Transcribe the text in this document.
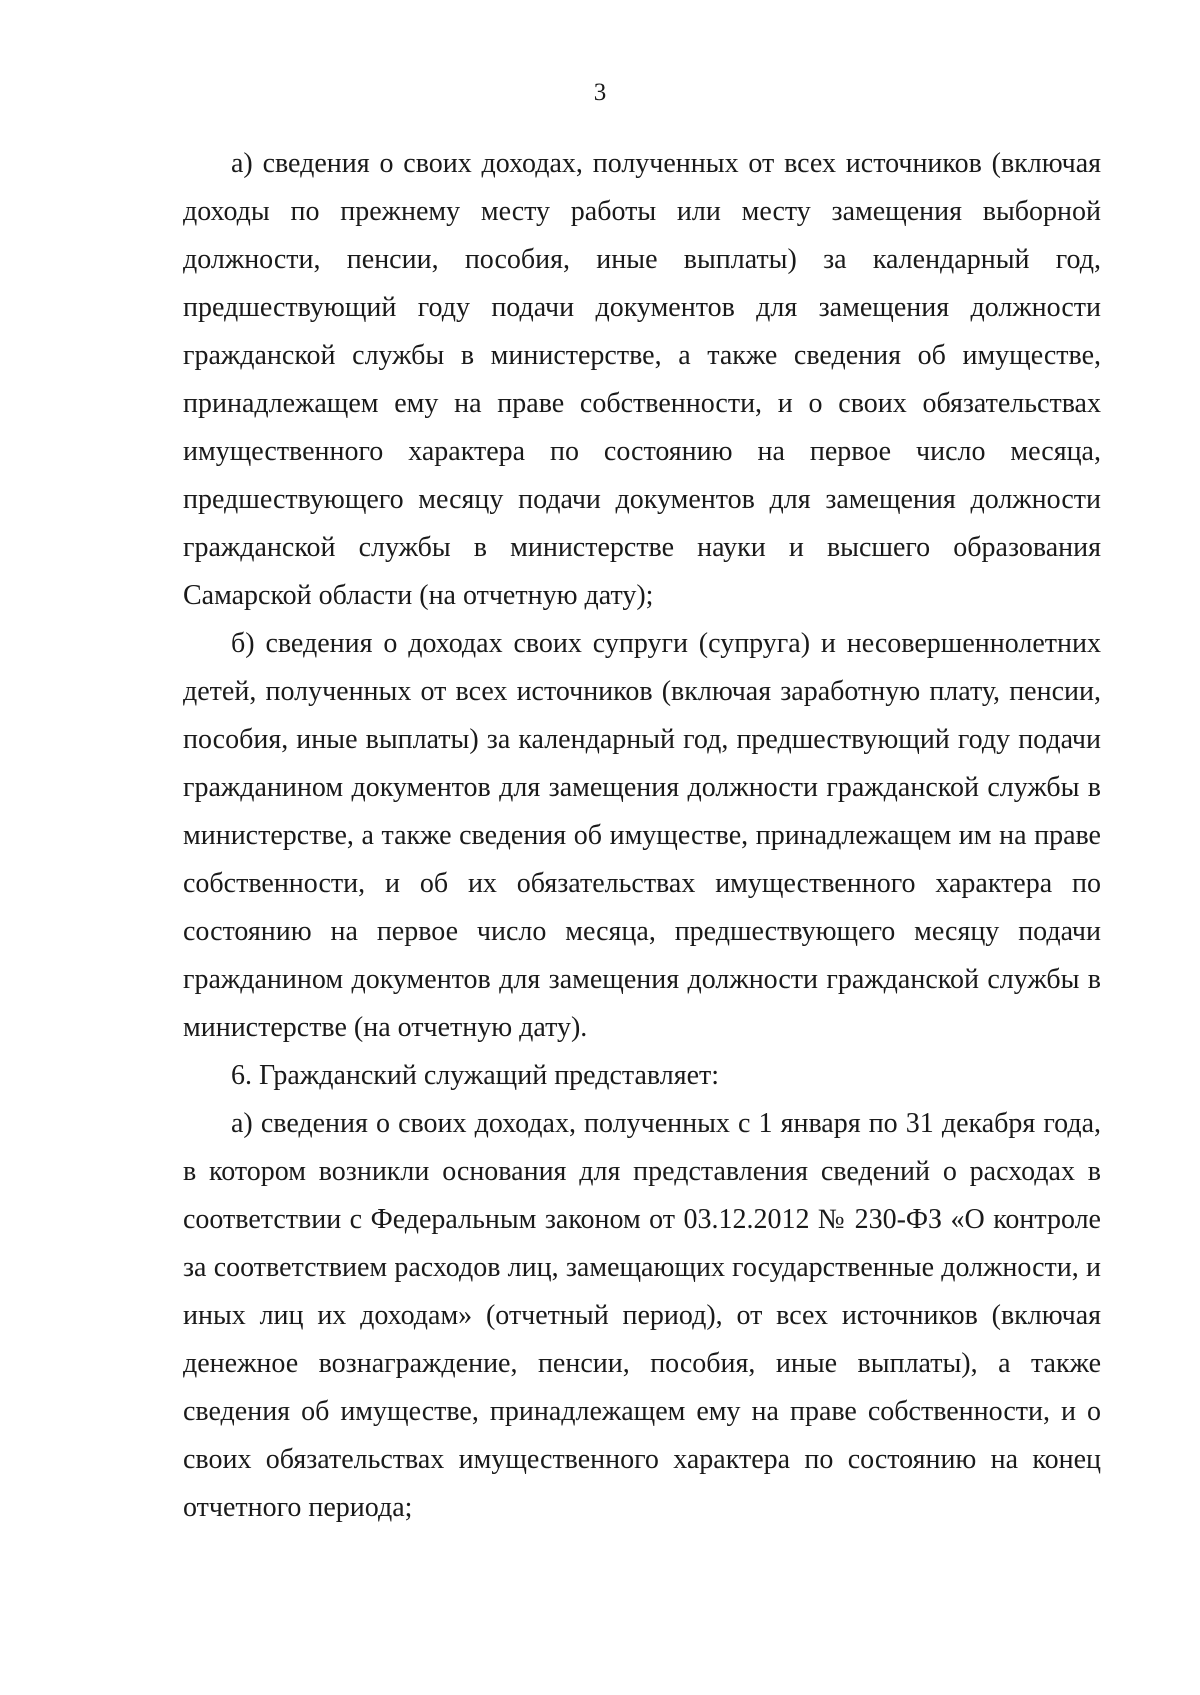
3

а) сведения о своих доходах, полученных от всех источников (включая доходы по прежнему месту работы или месту замещения выборной должности, пенсии, пособия, иные выплаты) за календарный год, предшествующий году подачи документов для замещения должности гражданской службы в министерстве, а также сведения об имуществе, принадлежащем ему на праве собственности, и о своих обязательствах имущественного характера по состоянию на первое число месяца, предшествующего месяцу подачи документов для замещения должности гражданской службы в министерстве науки и высшего образования Самарской области (на отчетную дату);

б) сведения о доходах своих супруги (супруга) и несовершеннолетних детей, полученных от всех источников (включая заработную плату, пенсии, пособия, иные выплаты) за календарный год, предшествующий году подачи гражданином документов для замещения должности гражданской службы в министерстве, а также сведения об имуществе, принадлежащем им на праве собственности, и об их обязательствах имущественного характера по состоянию на первое число месяца, предшествующего месяцу подачи гражданином документов для замещения должности гражданской службы в министерстве (на отчетную дату).

6. Гражданский служащий представляет:

а) сведения о своих доходах, полученных с 1 января по 31 декабря года, в котором возникли основания для представления сведений о расходах в соответствии с Федеральным законом от 03.12.2012 № 230-ФЗ «О контроле за соответствием расходов лиц, замещающих государственные должности, и иных лиц их доходам» (отчетный период), от всех источников (включая денежное вознаграждение, пенсии, пособия, иные выплаты), а также сведения об имуществе, принадлежащем ему на праве собственности, и о своих обязательствах имущественного характера по состоянию на конец отчетного периода;
